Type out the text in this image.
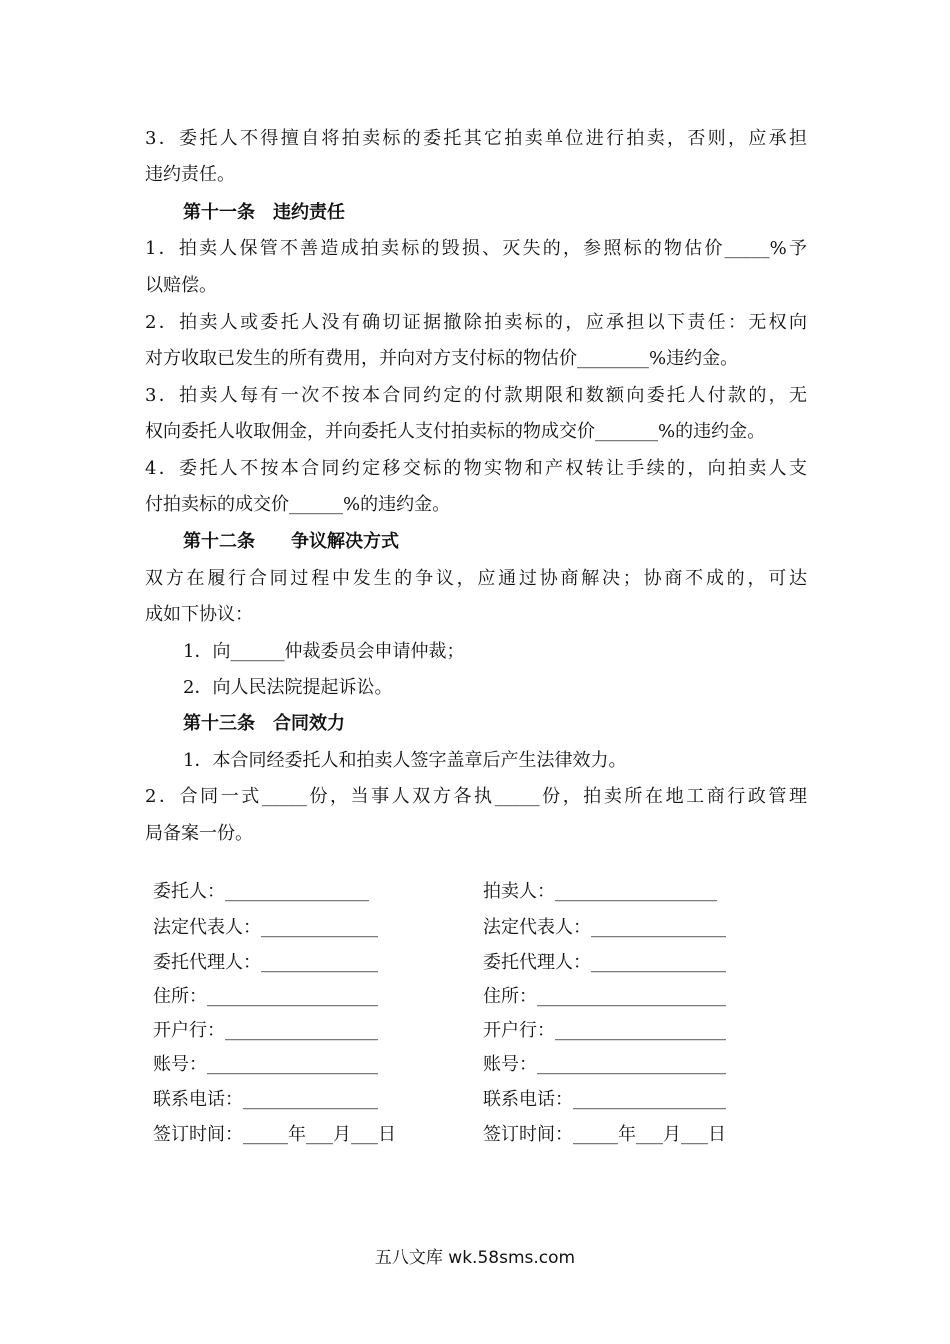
3．委托人不得擅自将拍卖标的委托其它拍卖单位进行拍卖，否则，应承担
违约责任。
第十一条　违约责任
1．拍卖人保管不善造成拍卖标的毁损、灭失的，参照标的物估价_____%予
以赔偿。
2．拍卖人或委托人没有确切证据撤除拍卖标的，应承担以下责任：无权向
对方收取已发生的所有费用，并向对方支付标的物估价________%违约金。
3．拍卖人每有一次不按本合同约定的付款期限和数额向委托人付款的，无
权向委托人收取佣金，并向委托人支付拍卖标的物成交价_______%的违约金。
4．委托人不按本合同约定移交标的物实物和产权转让手续的，向拍卖人支
付拍卖标的成交价______%的违约金。
第十二条　　争议解决方式
双方在履行合同过程中发生的争议，应通过协商解决；协商不成的，可达
成如下协议：
1．向______仲裁委员会申请仲裁；
2．向人民法院提起诉讼。
第十三条　合同效力
1．本合同经委托人和拍卖人签字盖章后产生法律效力。
2．合同一式_____份，当事人双方各执_____份，拍卖所在地工商行政管理
局备案一份。
委托人：________________
法定代表人：_____________
委托代理人：_____________
住所：___________________
开户行：_________________
账号：___________________
联系电话：_______________
签订时间：_____年___月___日
拍卖人：__________________
法定代表人：_______________
委托代理人：_______________
住所：_____________________
开户行：___________________
账号：_____________________
联系电话：_________________
签订时间：_____年___月___日
五八文库 wk.58sms.com
